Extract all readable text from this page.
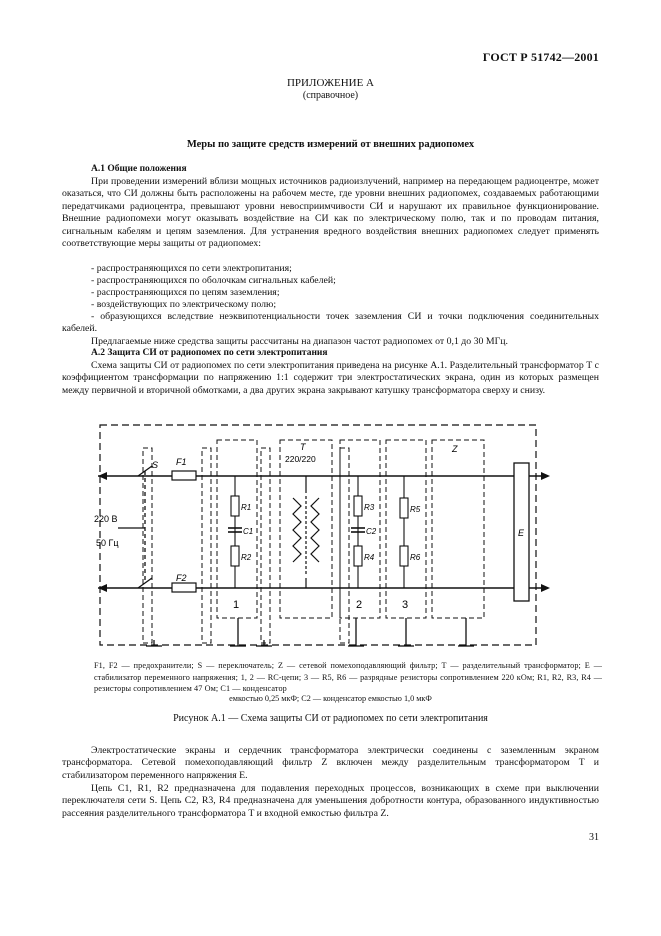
ГОСТ Р 51742—2001
ПРИЛОЖЕНИЕ А
(справочное)
Меры по защите средств измерений от внешних радиопомех
А.1 Общие положения

При проведении измерений вблизи мощных источников радиоизлучений, например на передающем радиоцентре, может оказаться, что СИ должны быть расположены на рабочем месте, где уровни внешних радиопомех, создаваемых работающими передатчиками радиоцентра, превышают уровни невосприимчивости СИ и нарушают их правильное функционирование. Внешние радиопомехи могут оказывать воздействие на СИ как по электрическому полю, так и по проводам питания, сигнальным кабелям и цепям заземления. Для устранения вредного воздействия внешних радиопомех следует применять соответствующие меры защиты от радиопомех:

- распространяющихся по сети электропитания;
- распространяющихся по оболочкам сигнальных кабелей;
- распространяющихся по цепям заземления;
- воздействующих по электрическому полю;

- образующихся вследствие неэквипотенциальности точек заземления СИ и точки подключения соединительных кабелей.

Предлагаемые ниже средства защиты рассчитаны на диапазон частот радиопомех от 0,1 до 30 МГц.

А.2 Защита СИ от радиопомех по сети электропитания

Схема защиты СИ от радиопомех по сети электропитания приведена на рисунке А.1. Разделительный трансформатор T с коэффициентом трансформации по напряжению 1:1 содержит три электростатических экрана, один из которых размещен между первичной и вторичной обмотками, а два других экрана закрывают катушку трансформатора сверху и снизу.

S F1
F2
T
220/220
220 В
50 Гц
Z
E
R1
C1
R2
R3
C2
R4
R5
R6
1	2	3

F1, F2 — предохранители; S — переключатель; Z — сетевой помехоподавляющий фильтр; T — разделительный трансформатор; E — стабилизатор переменного напряжения; 1, 2 — RC-цепи; 3 — R5, R6 — разрядные резисторы сопротивлением 220 кОм; R1, R2, R3, R4 — резисторы сопротивлением 47 Ом; C1 — конденсатор

емкостью 0,25 мкФ; C2 — конденсатор емкостью 1,0 мкФ
Рисунок А.1 — Схема защиты СИ от радиопомех по сети электропитания

Электростатические экраны и сердечник трансформатора электрически соединены с заземленным экраном трансформатора. Сетевой помехоподавляющий фильтр Z включен между разделительным трансформатором T и стабилизатором переменного напряжения E.

Цепь C1, R1, R2 предназначена для подавления переходных процессов, возникающих в схеме при выключении переключателя сети S. Цепь C2, R3, R4 предназначена для уменьшения добротности контура, образованного индуктивностью рассеяния разделительного трансформатора T и входной емкостью фильтра Z.

31
